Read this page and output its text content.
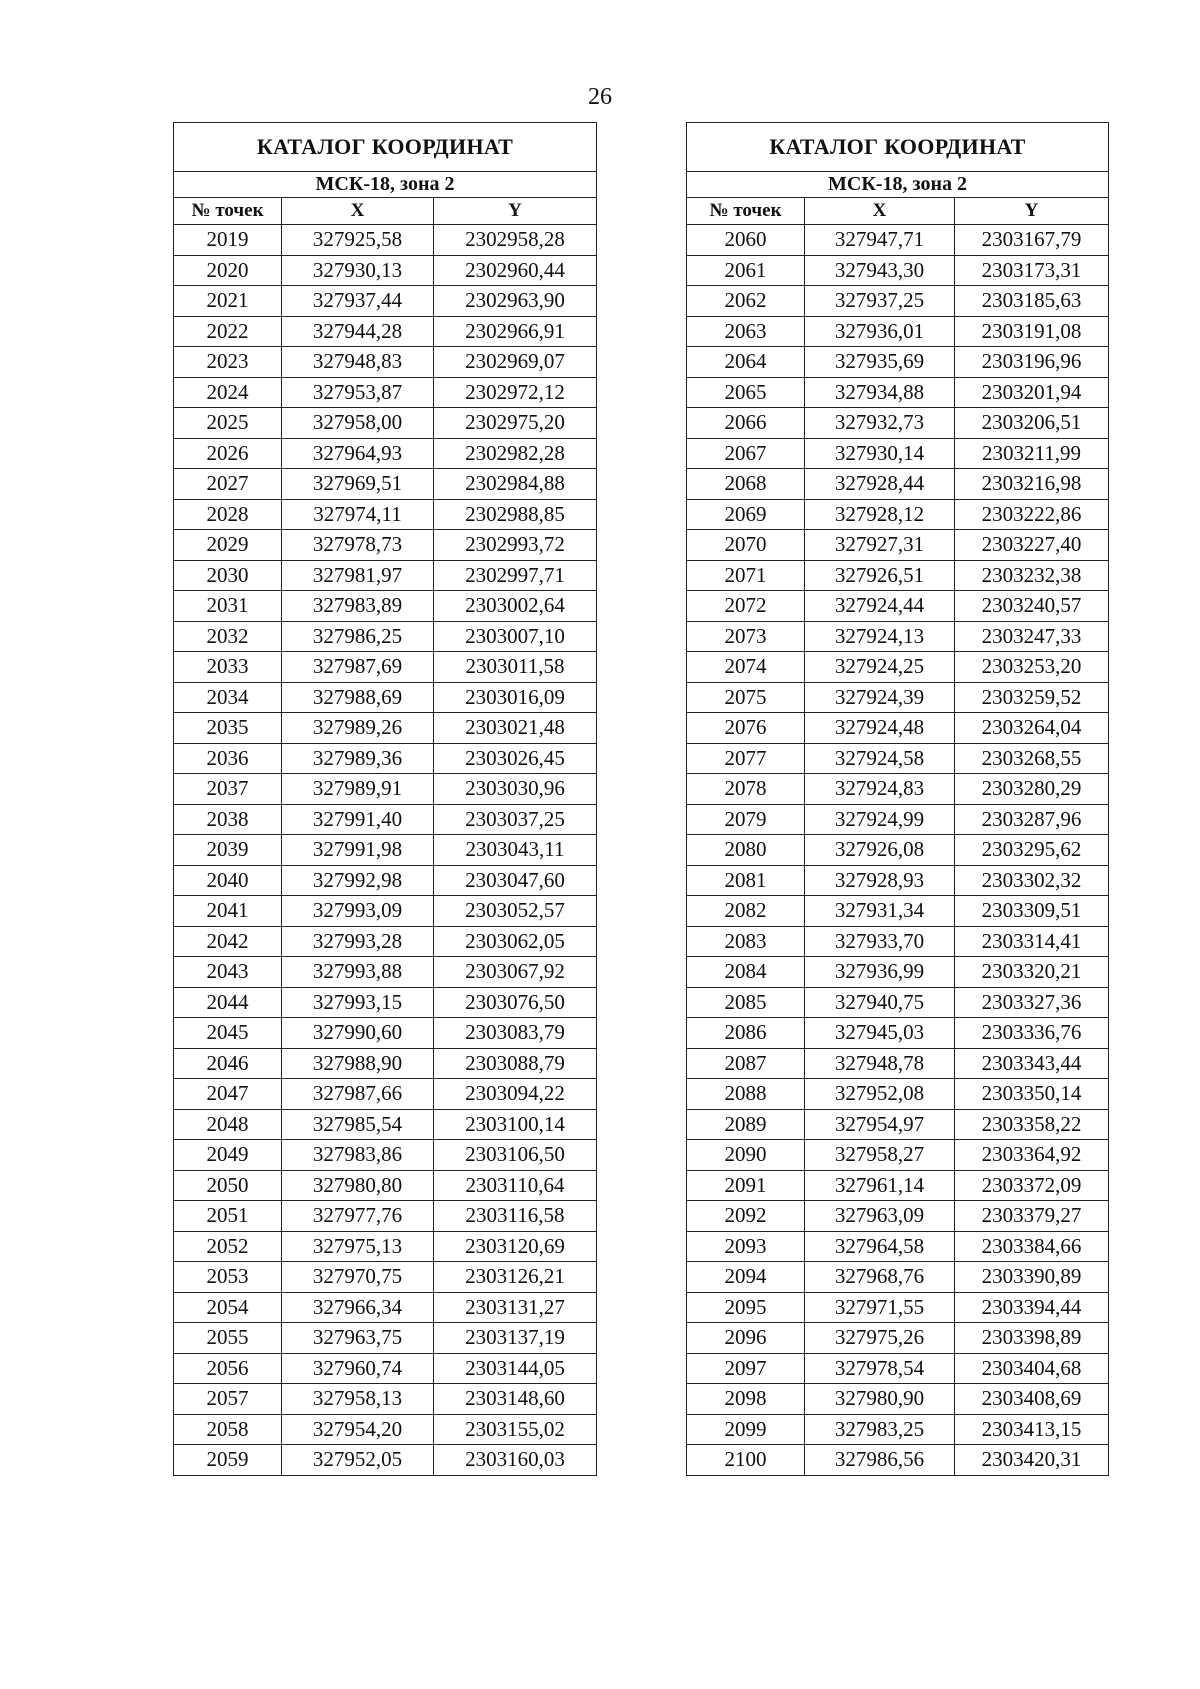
26
КАТАЛОГ КООРДИНАТ		
МСК-18, зона 2		
№ точек	X	Y
2019	327925,58	2302958,28
2020	327930,13	2302960,44
2021	327937,44	2302963,90
2022	327944,28	2302966,91
2023	327948,83	2302969,07
2024	327953,87	2302972,12
2025	327958,00	2302975,20
2026	327964,93	2302982,28
2027	327969,51	2302984,88
2028	327974,11	2302988,85
2029	327978,73	2302993,72
2030	327981,97	2302997,71
2031	327983,89	2303002,64
2032	327986,25	2303007,10
2033	327987,69	2303011,58
2034	327988,69	2303016,09
2035	327989,26	2303021,48
2036	327989,36	2303026,45
2037	327989,91	2303030,96
2038	327991,40	2303037,25
2039	327991,98	2303043,11
2040	327992,98	2303047,60
2041	327993,09	2303052,57
2042	327993,28	2303062,05
2043	327993,88	2303067,92
2044	327993,15	2303076,50
2045	327990,60	2303083,79
2046	327988,90	2303088,79
2047	327987,66	2303094,22
2048	327985,54	2303100,14
2049	327983,86	2303106,50
2050	327980,80	2303110,64
2051	327977,76	2303116,58
2052	327975,13	2303120,69
2053	327970,75	2303126,21
2054	327966,34	2303131,27
2055	327963,75	2303137,19
2056	327960,74	2303144,05
2057	327958,13	2303148,60
2058	327954,20	2303155,02
2059	327952,05	2303160,03
КАТАЛОГ КООРДИНАТ		
МСК-18, зона 2		
№ точек	X	Y
2060	327947,71	2303167,79
2061	327943,30	2303173,31
2062	327937,25	2303185,63
2063	327936,01	2303191,08
2064	327935,69	2303196,96
2065	327934,88	2303201,94
2066	327932,73	2303206,51
2067	327930,14	2303211,99
2068	327928,44	2303216,98
2069	327928,12	2303222,86
2070	327927,31	2303227,40
2071	327926,51	2303232,38
2072	327924,44	2303240,57
2073	327924,13	2303247,33
2074	327924,25	2303253,20
2075	327924,39	2303259,52
2076	327924,48	2303264,04
2077	327924,58	2303268,55
2078	327924,83	2303280,29
2079	327924,99	2303287,96
2080	327926,08	2303295,62
2081	327928,93	2303302,32
2082	327931,34	2303309,51
2083	327933,70	2303314,41
2084	327936,99	2303320,21
2085	327940,75	2303327,36
2086	327945,03	2303336,76
2087	327948,78	2303343,44
2088	327952,08	2303350,14
2089	327954,97	2303358,22
2090	327958,27	2303364,92
2091	327961,14	2303372,09
2092	327963,09	2303379,27
2093	327964,58	2303384,66
2094	327968,76	2303390,89
2095	327971,55	2303394,44
2096	327975,26	2303398,89
2097	327978,54	2303404,68
2098	327980,90	2303408,69
2099	327983,25	2303413,15
2100	327986,56	2303420,31
